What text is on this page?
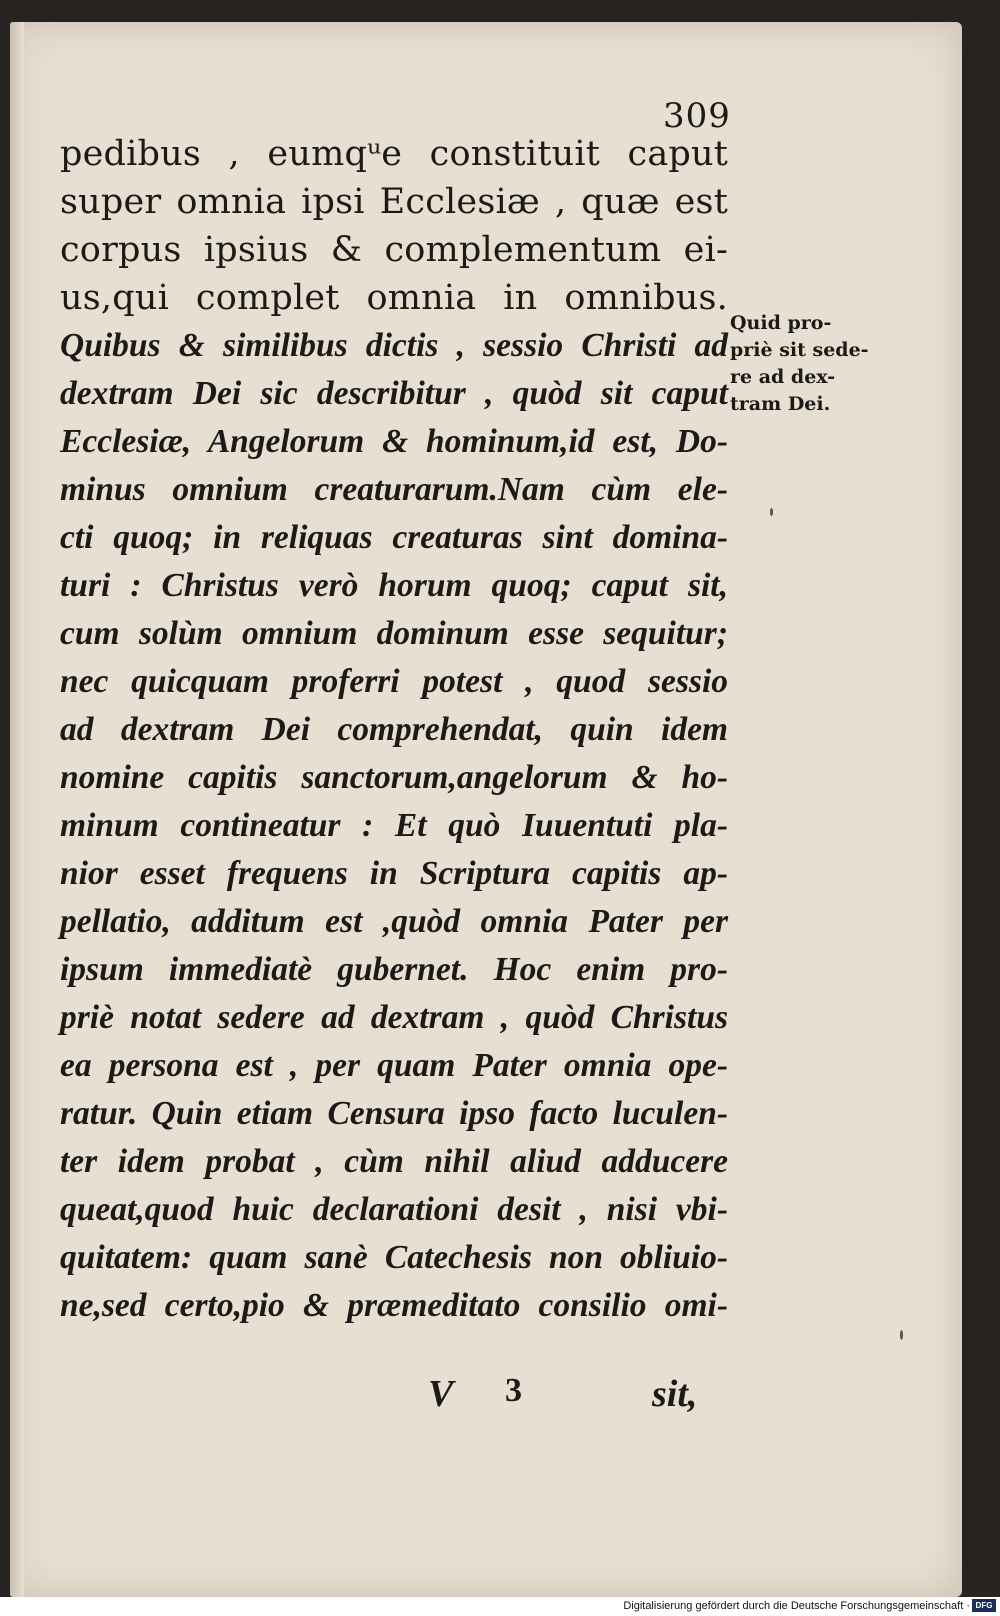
309
pedibus , eumqᵘe constituit caput
super omnia ipsi Ecclesiæ , quæ est
corpus ipsius & complementum ei-
us,qui complet omnia in omnibus.
Quibus & similibus dictis , sessio Christi ad
dextram Dei sic describitur , quòd sit caput
Ecclesiæ, Angelorum & hominum,id est, Do-
minus omnium creaturarum.Nam cùm ele-
cti quoq; in reliquas creaturas sint domina-
turi : Christus verò horum quoq; caput sit,
cum solùm omnium dominum esse sequitur;
nec quicquam proferri potest , quod sessio
ad dextram Dei comprehendat, quin idem
nomine capitis sanctorum,angelorum & ho-
minum contineatur : Et quò Iuuentuti pla-
nior esset frequens in Scriptura capitis ap-
pellatio, additum est ,quòd omnia Pater per
ipsum immediatè gubernet. Hoc enim pro-
priè notat sedere ad dextram , quòd Christus
ea persona est , per quam Pater omnia ope-
ratur. Quin etiam Censura ipso facto luculen-
ter idem probat , cùm nihil aliud adducere
queat,quod huic declarationi desit , nisi vbi-
quitatem: quam sanè Catechesis non obliuio-
ne,sed certo,pio & præmeditato consilio omi-
Quid pro-
priè sit sede-
re ad dex-
tram Dei.
V 3	sit,
Digitalisierung gefördert durch die Deutsche Forschungsgemeinschaft · DFG
